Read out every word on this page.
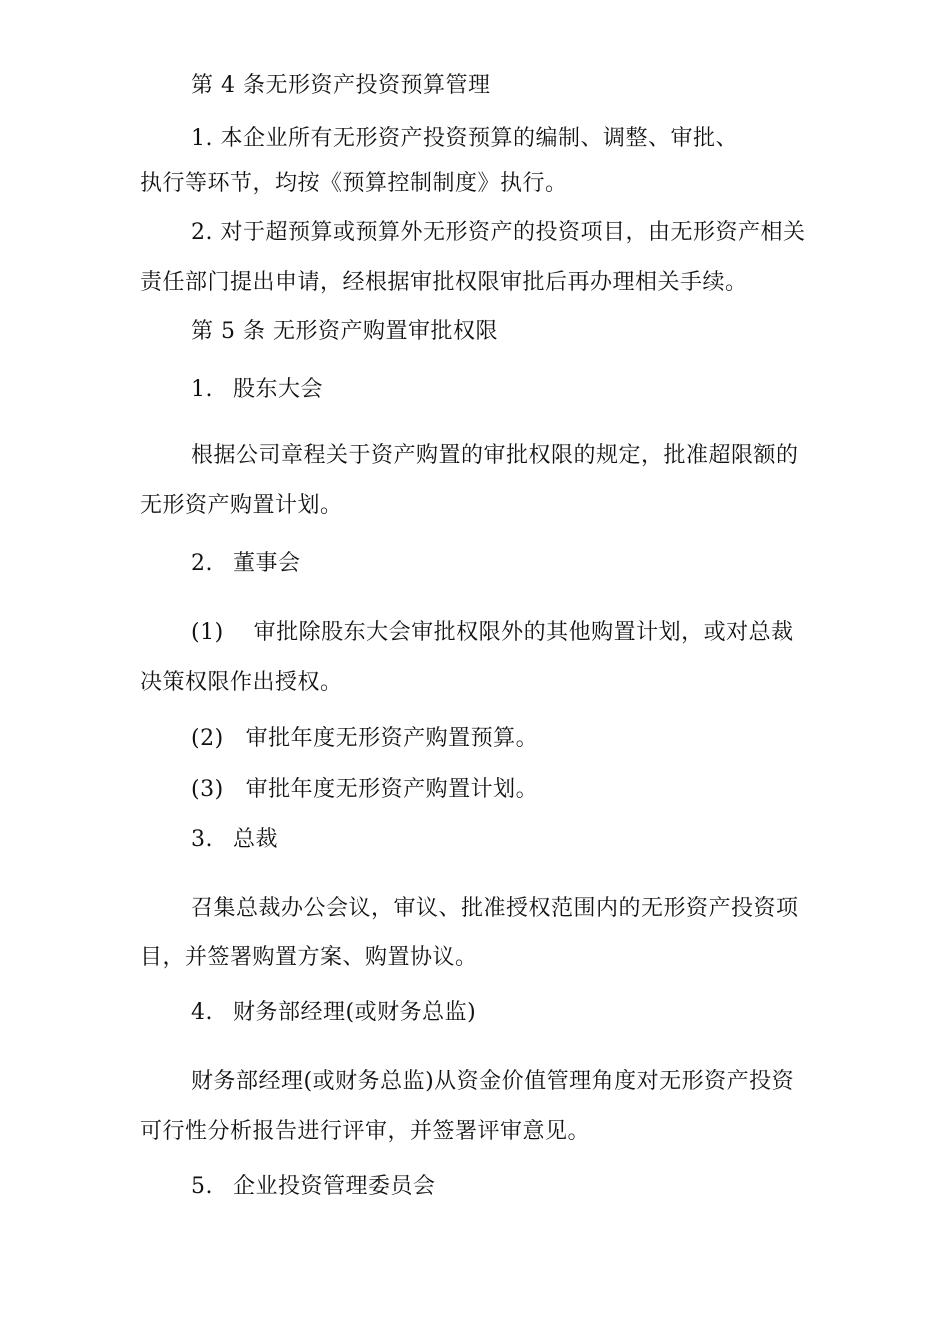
第 4 条无形资产投资预算管理
1. 本企业所有无形资产投资预算的编制、调整、审批、
执行等环节，均按《预算控制制度》执行。
2. 对于超预算或预算外无形资产的投资项目，由无形资产相关
责任部门提出申请，经根据审批权限审批后再办理相关手续。
第 5 条 无形资产购置审批权限
1. 股东大会
根据公司章程关于资产购置的审批权限的规定，批准超限额的
无形资产购置计划。
2. 董事会
(1) 审批除股东大会审批权限外的其他购置计划，或对总裁
决策权限作出授权。
(2) 审批年度无形资产购置预算。
(3) 审批年度无形资产购置计划。
3. 总裁
召集总裁办公会议，审议、批准授权范围内的无形资产投资项
目，并签署购置方案、购置协议。
4. 财务部经理(或财务总监)
财务部经理(或财务总监)从资金价值管理角度对无形资产投资
可行性分析报告进行评审，并签署评审意见。
5. 企业投资管理委员会
